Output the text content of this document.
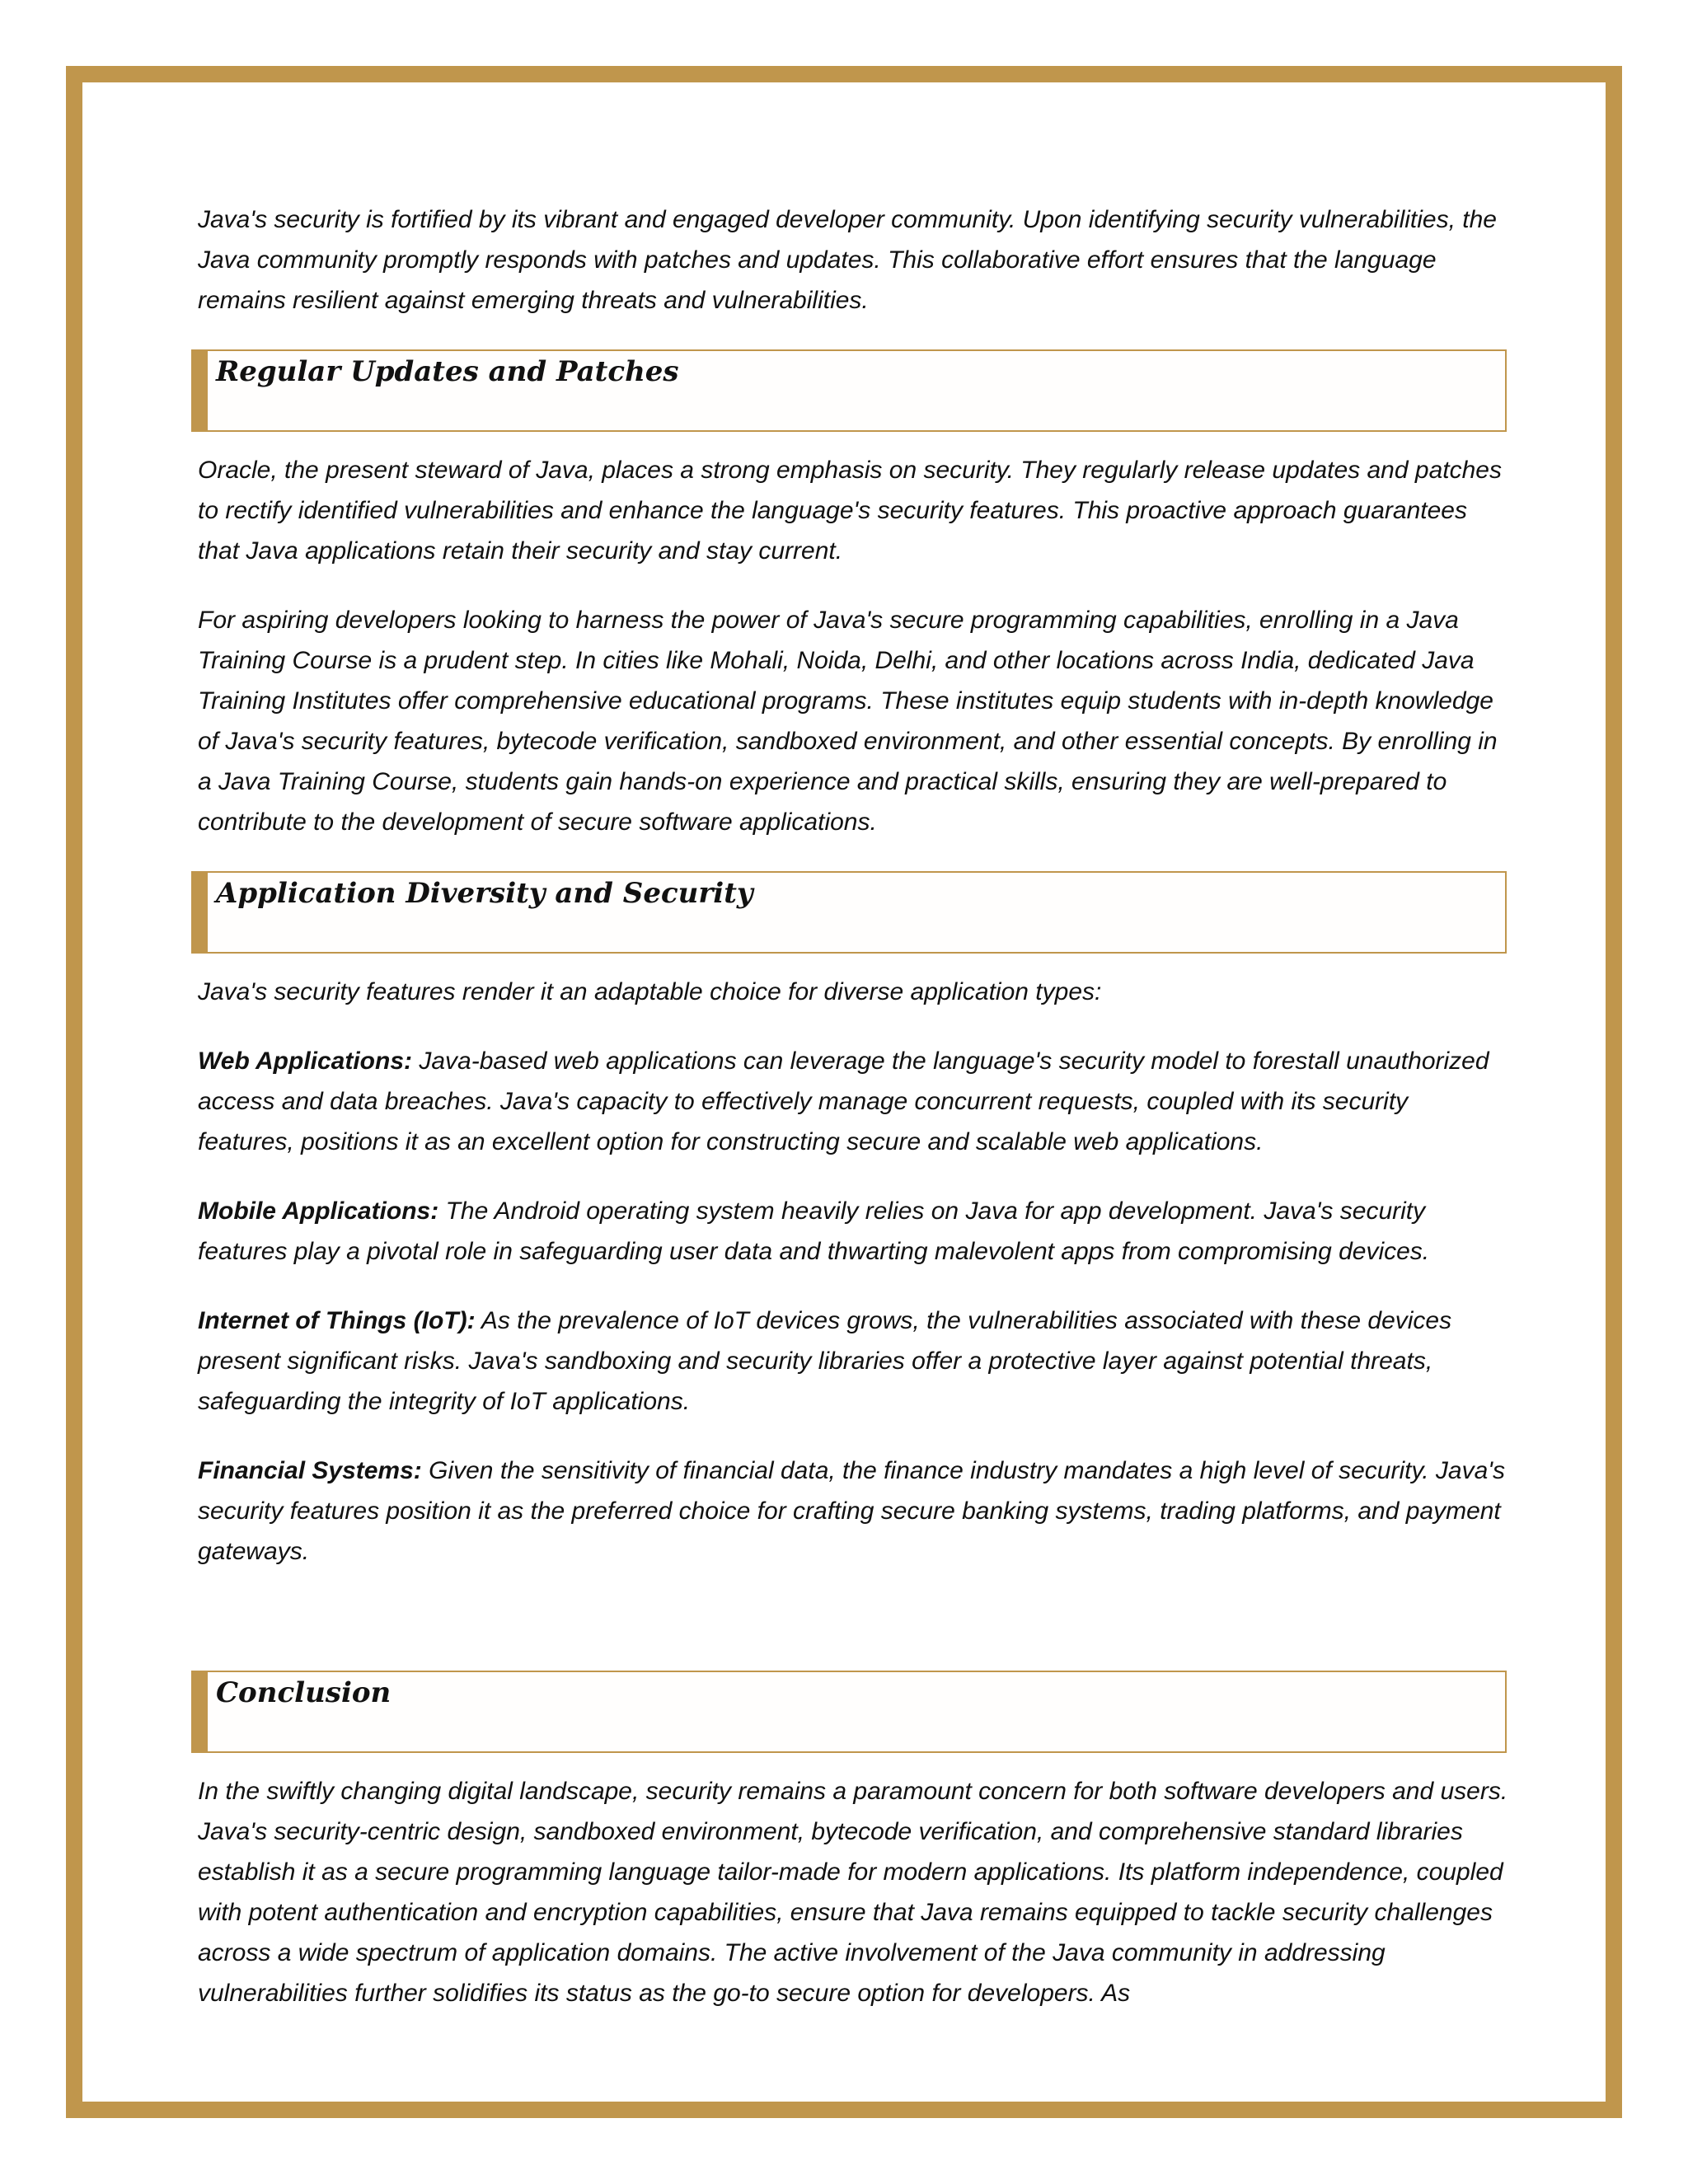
Java's security is fortified by its vibrant and engaged developer community. Upon identifying security vulnerabilities, the Java community promptly responds with patches and updates. This collaborative effort ensures that the language remains resilient against emerging threats and vulnerabilities.

Regular Updates and Patches

Oracle, the present steward of Java, places a strong emphasis on security. They regularly release updates and patches to rectify identified vulnerabilities and enhance the language's security features. This proactive approach guarantees that Java applications retain their security and stay current.

For aspiring developers looking to harness the power of Java's secure programming capabilities, enrolling in a Java Training Course is a prudent step. In cities like Mohali, Noida, Delhi, and other locations across India, dedicated Java Training Institutes offer comprehensive educational programs. These institutes equip students with in-depth knowledge of Java's security features, bytecode verification, sandboxed environment, and other essential concepts. By enrolling in a Java Training Course, students gain hands-on experience and practical skills, ensuring they are well-prepared to contribute to the development of secure software applications.

Application Diversity and Security

Java's security features render it an adaptable choice for diverse application types:

Web Applications: Java-based web applications can leverage the language's security model to forestall unauthorized access and data breaches. Java's capacity to effectively manage concurrent requests, coupled with its security features, positions it as an excellent option for constructing secure and scalable web applications.

Mobile Applications: The Android operating system heavily relies on Java for app development. Java's security features play a pivotal role in safeguarding user data and thwarting malevolent apps from compromising devices.

Internet of Things (IoT): As the prevalence of IoT devices grows, the vulnerabilities associated with these devices present significant risks. Java's sandboxing and security libraries offer a protective layer against potential threats, safeguarding the integrity of IoT applications.

Financial Systems: Given the sensitivity of financial data, the finance industry mandates a high level of security. Java's security features position it as the preferred choice for crafting secure banking systems, trading platforms, and payment gateways.

Conclusion

In the swiftly changing digital landscape, security remains a paramount concern for both software developers and users. Java's security-centric design, sandboxed environment, bytecode verification, and comprehensive standard libraries establish it as a secure programming language tailor-made for modern applications. Its platform independence, coupled with potent authentication and encryption capabilities, ensure that Java remains equipped to tackle security challenges across a wide spectrum of application domains. The active involvement of the Java community in addressing vulnerabilities further solidifies its status as the go-to secure option for developers. As
